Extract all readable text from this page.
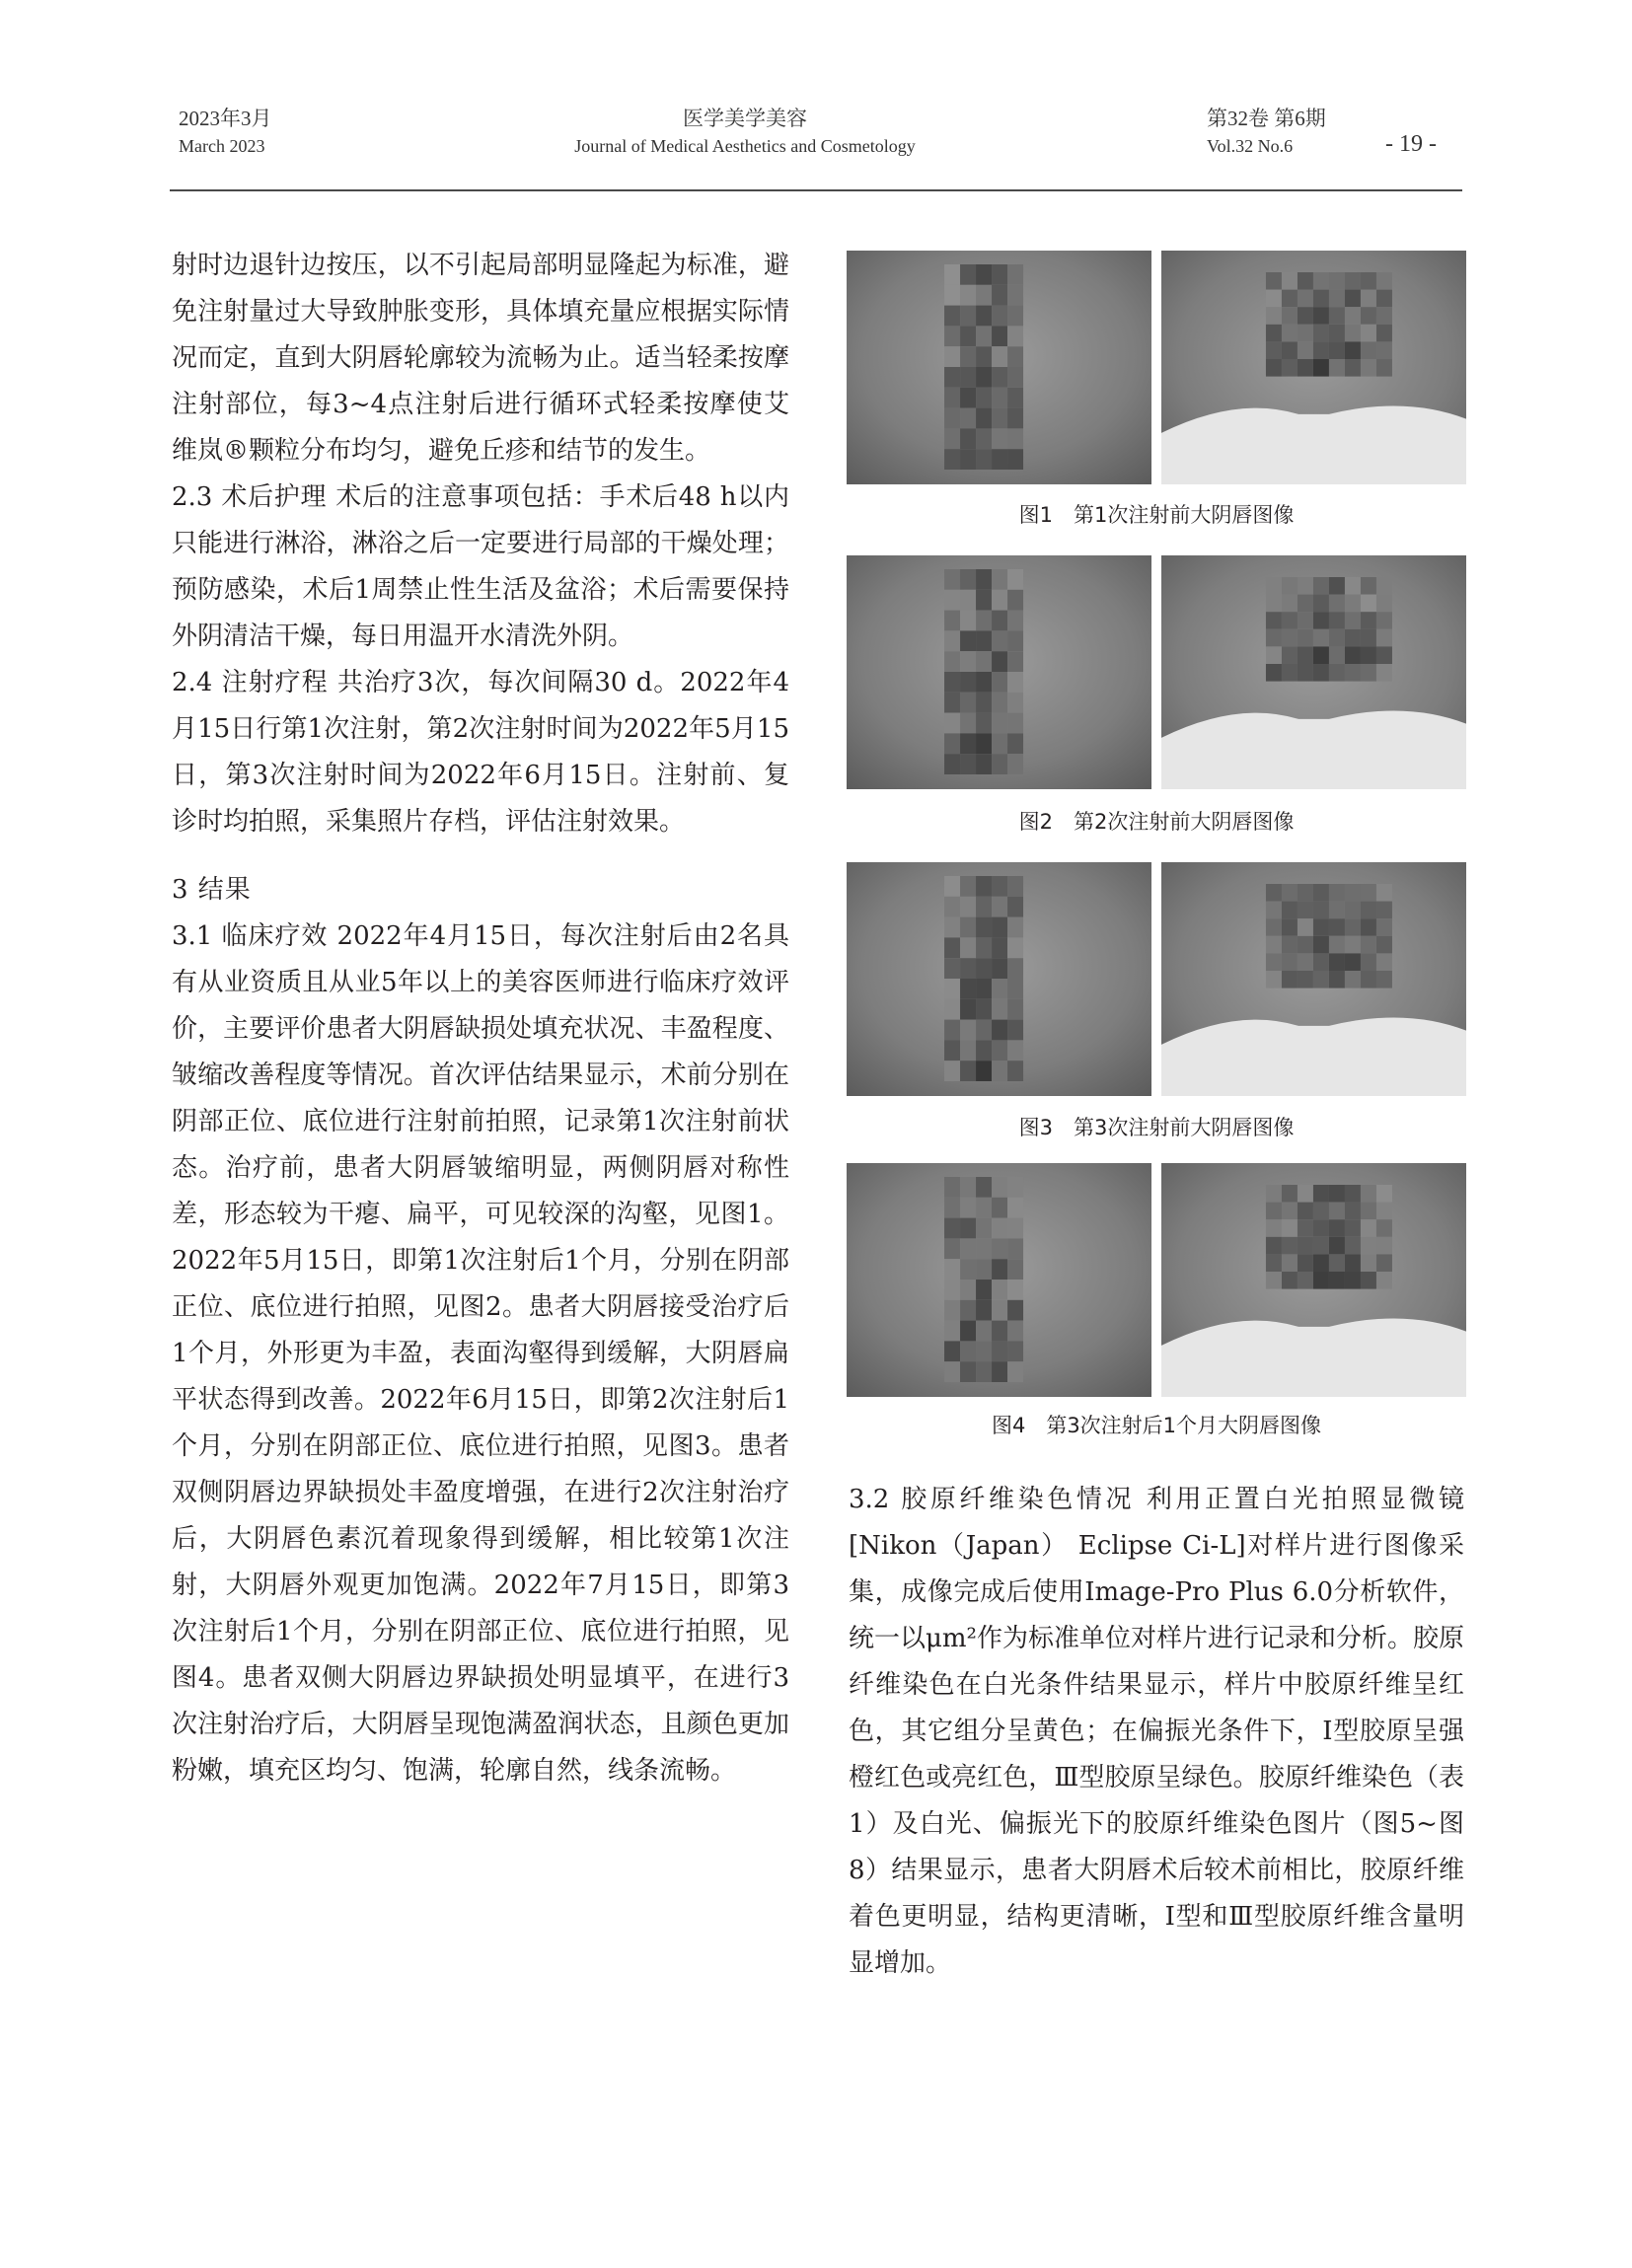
2023年3月
March 2023
医学美学美容
Journal of Medical Aesthetics and Cosmetology
第32卷 第6期
Vol.32 No.6	- 19 -

射时边退针边按压，以不引起局部明显隆起为标准，避免注射量过大导致肿胀变形，具体填充量应根据实际情况而定，直到大阴唇轮廓较为流畅为止。适当轻柔按摩注射部位，每3~4点注射后进行循环式轻柔按摩使艾维岚®颗粒分布均匀，避免丘疹和结节的发生。

2.3 术后护理 术后的注意事项包括：手术后48 h以内只能进行淋浴，淋浴之后一定要进行局部的干燥处理；预防感染，术后1周禁止性生活及盆浴；术后需要保持外阴清洁干燥，每日用温开水清洗外阴。

2.4 注射疗程 共治疗3次，每次间隔30 d。2022年4月15日行第1次注射，第2次注射时间为2022年5月15日，第3次注射时间为2022年6月15日。注射前、复诊时均拍照，采集照片存档，评估注射效果。

3 结果

3.1 临床疗效 2022年4月15日，每次注射后由2名具有从业资质且从业5年以上的美容医师进行临床疗效评价，主要评价患者大阴唇缺损处填充状况、丰盈程度、皱缩改善程度等情况。首次评估结果显示，术前分别在阴部正位、底位进行注射前拍照，记录第1次注射前状态。治疗前，患者大阴唇皱缩明显，两侧阴唇对称性差，形态较为干瘪、扁平，可见较深的沟壑，见图1。2022年5月15日，即第1次注射后1个月，分别在阴部正位、底位进行拍照，见图2。患者大阴唇接受治疗后1个月，外形更为丰盈，表面沟壑得到缓解，大阴唇扁平状态得到改善。2022年6月15日，即第2次注射后1个月，分别在阴部正位、底位进行拍照，见图3。患者双侧阴唇边界缺损处丰盈度增强，在进行2次注射治疗后，大阴唇色素沉着现象得到缓解，相比较第1次注射，大阴唇外观更加饱满。2022年7月15日，即第3次注射后1个月，分别在阴部正位、底位进行拍照，见图4。患者双侧大阴唇边界缺损处明显填平，在进行3次注射治疗后，大阴唇呈现饱满盈润状态，且颜色更加粉嫩，填充区均匀、饱满，轮廓自然，线条流畅。

图1　第1次注射前大阴唇图像
图2　第2次注射前大阴唇图像
图3　第3次注射前大阴唇图像
图4　第3次注射后1个月大阴唇图像

3.2 胶原纤维染色情况 利用正置白光拍照显微镜[Nikon（Japan） Eclipse Ci-L]对样片进行图像采集，成像完成后使用Image-Pro Plus 6.0分析软件，统一以μm²作为标准单位对样片进行记录和分析。胶原纤维染色在白光条件结果显示，样片中胶原纤维呈红色，其它组分呈黄色；在偏振光条件下，Ⅰ型胶原呈强橙红色或亮红色，Ⅲ型胶原呈绿色。胶原纤维染色（表1）及白光、偏振光下的胶原纤维染色图片（图5~图8）结果显示，患者大阴唇术后较术前相比，胶原纤维着色更明显，结构更清晰，Ⅰ型和Ⅲ型胶原纤维含量明显增加。
